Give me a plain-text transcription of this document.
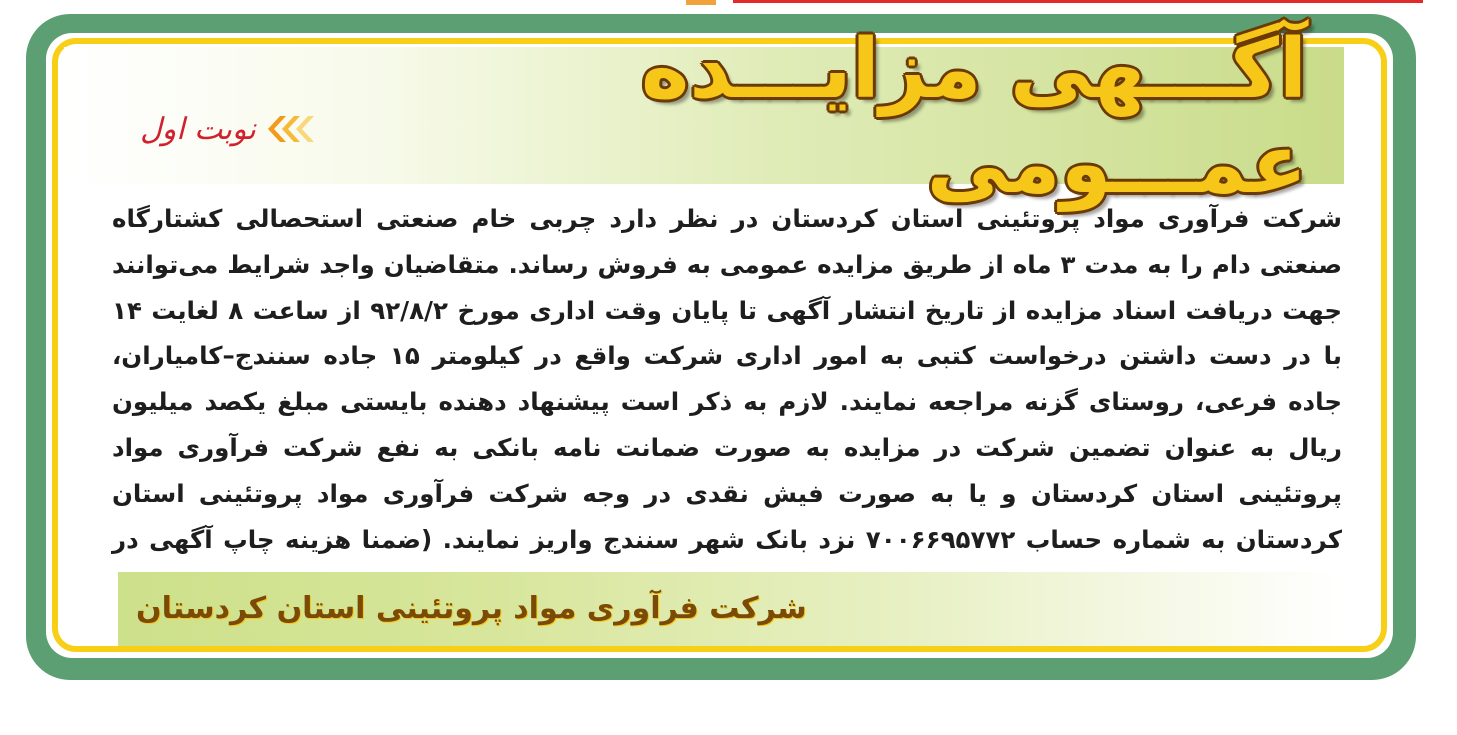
آگـــهی مزایـــده عمـــومی
نوبت اول

شرکت فرآوری مواد پروتئینی استان کردستان در نظر دارد چربی خام صنعتی استحصالی کشتارگاه صنعتی دام را به مدت ۳ ماه از طریق مزایده عمومی به فروش رساند. متقاضیان واجد شرایط می‌توانند جهت دریافت اسناد مزایده از تاریخ انتشار آگهی تا پایان وقت اداری مورخ ۹۲/۸/۲ از ساعت ۸ لغایت ۱۴ با در دست داشتن درخواست کتبی به امور اداری شرکت واقع در کیلومتر ۱۵ جاده سنندج–کامیاران، جاده فرعی، روستای گزنه مراجعه نمایند. لازم به ذکر است پیشنهاد دهنده بایستی مبلغ یکصد میلیون ریال به عنوان تضمین شرکت در مزایده به صورت ضمانت نامه بانکی به نفع شرکت فرآوری مواد پروتئینی استان کردستان و یا به صورت فیش نقدی در وجه شرکت فرآوری مواد پروتئینی استان کردستان به شماره حساب ۷۰۰۶۶۹۵۷۷۲ نزد بانک شهر سنندج واریز نمایند. (ضمنا هزینه چاپ آگهی در

شرکت فرآوری مواد پروتئینی استان کردستان
